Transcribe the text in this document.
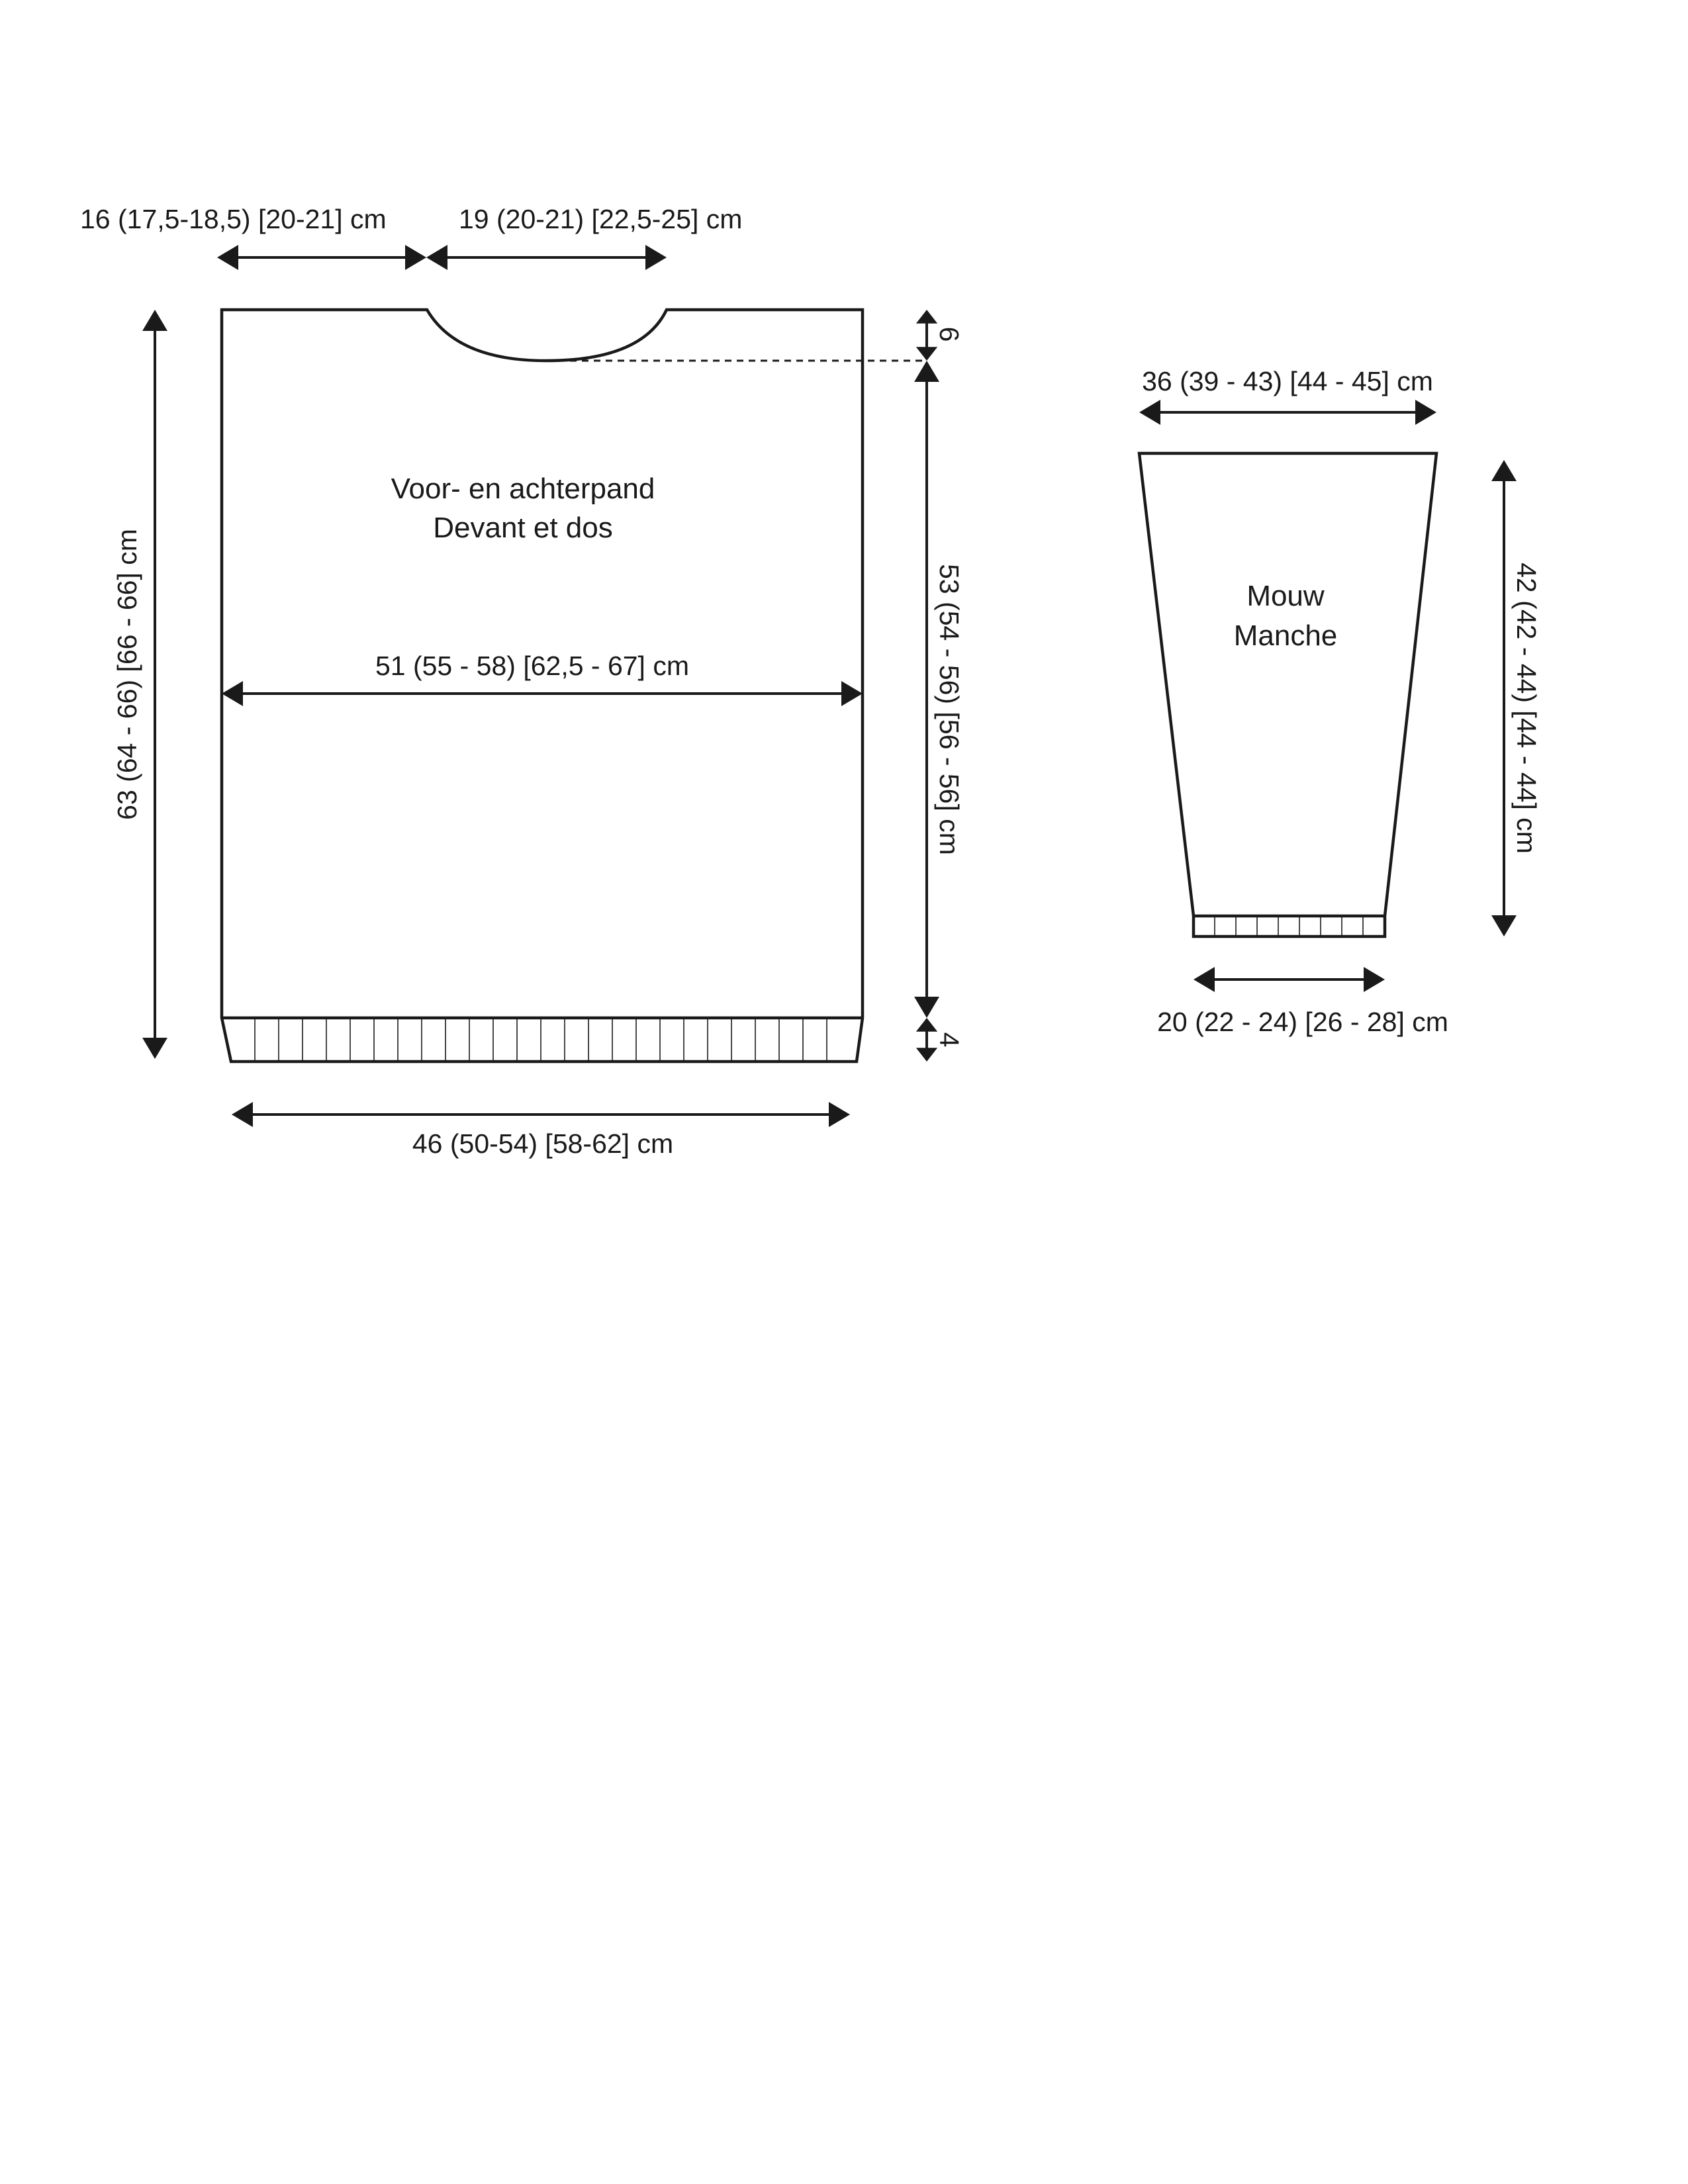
16 (17,5-18,5) [20-21] cm	19 (20-21) [22,5-25] cm
Voor- en achterpand
Devant et dos
51 (55 - 58) [62,5 - 67] cm
46 (50-54) [58-62] cm
63 (64 - 66) [66 - 66] cm	53 (54 - 56) [56 - 56] cm
6
4
36 (39 - 43) [44 - 45] cm
Mouw
Manche	42 (42 - 44) [44 - 44] cm
20 (22 - 24) [26 - 28] cm
